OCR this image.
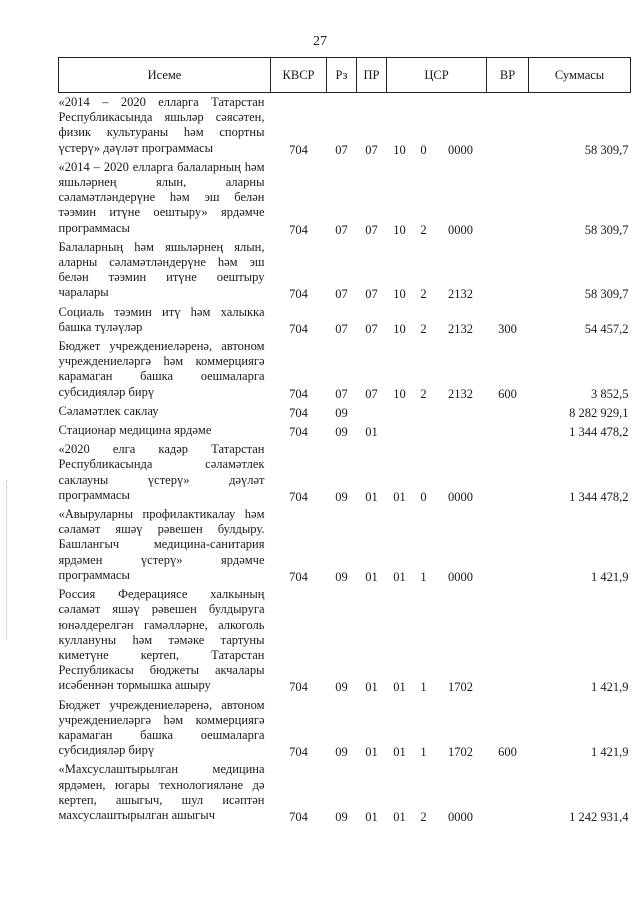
27
Исеме	КВСР	Рз	ПР	ЦСР			ВР	Суммасы
«2014 – 2020 елларга Татарстан Республикасында яшьләр сәясәтен, физик культураны һәм спортны үстерү» дәүләт программасы	704	07	07	10	0	0000		58 309,7
«2014 – 2020 елларга балаларның һәм яшьләрнең ялын, аларны сәламәтләндерүне һәм эш белән тәэмин итүне оештыру» ярдәмче программасы	704	07	07	10	2	0000		58 309,7
Балаларның һәм яшьләрнең ялын, аларны сәламәтләндерүне һәм эш белән тәэмин итүне оештыру чаралары	704	07	07	10	2	2132		58 309,7
Социаль тәэмин итү һәм халыкка башка түләүләр	704	07	07	10	2	2132	300	54 457,2
Бюджет учреждениеләренә, автоном учреждениеләргә һәм коммерциягә карамаган башка оешмаларга субсидияләр бирү	704	07	07	10	2	2132	600	3 852,5
Сәламәтлек саклау	704	09						8 282 929,1
Стационар медицина ярдәме	704	09	01					1 344 478,2
«2020 елга кадәр Татарстан Республикасында сәламәтлек саклауны үстерү» дәүләт программасы	704	09	01	01	0	0000		1 344 478,2
«Авыруларны профилактикалау һәм сәламәт яшәү рәвешен булдыру. Башлангыч медицина-санитария ярдәмен үстерү» ярдәмче программасы	704	09	01	01	1	0000		1 421,9
Россия Федерациясе халкының сәламәт яшәү рәвешен булдыруга юнәлдерелгән гамәлләрне, алкоголь куллануны һәм тәмәке тартуны киметүне кертеп, Татарстан Республикасы бюджеты акчалары исәбеннән тормышка ашыру	704	09	01	01	1	1702		1 421,9
Бюджет учреждениеләренә, автоном учреждениеләргә һәм коммерциягә карамаган башка оешмаларга субсидияләр бирү	704	09	01	01	1	1702	600	1 421,9
«Махсуслаштырылган медицина ярдәмен, югары технологияләне дә кертеп, ашыгыч, шул исәптән махсуслаштырылган ашыгыч	704	09	01	01	2	0000		1 242 931,4
